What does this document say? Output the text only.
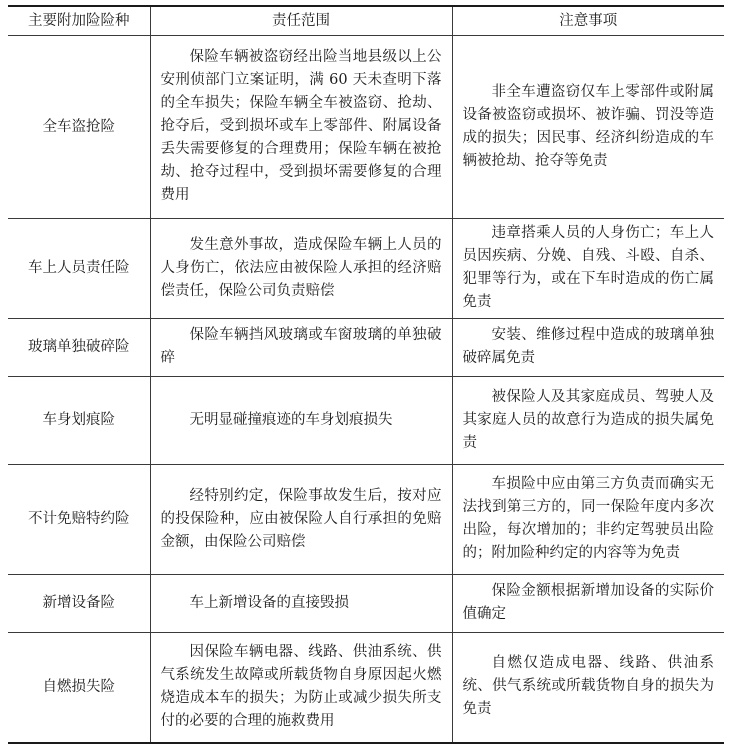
主要附加险险种	责任范围	注意事项
全车盗抢险	保险车辆被盗窃经出险当地县级以上公安刑侦部门立案证明，满 60 天未查明下落的全车损失；保险车辆全车被盗窃、抢劫、抢夺后，受到损坏或车上零部件、附属设备丢失需要修复的合理费用；保险车辆在被抢劫、抢夺过程中，受到损坏需要修复的合理费用	非全车遭盗窃仅车上零部件或附属设备被盗窃或损坏、被诈骗、罚没等造成的损失；因民事、经济纠纷造成的车辆被抢劫、抢夺等免责
车上人员责任险	发生意外事故，造成保险车辆上人员的人身伤亡，依法应由被保险人承担的经济赔偿责任，保险公司负责赔偿	违章搭乘人员的人身伤亡；车上人员因疾病、分娩、自残、斗殴、自杀、犯罪等行为，或在下车时造成的伤亡属免责
玻璃单独破碎险	保险车辆挡风玻璃或车窗玻璃的单独破碎	安装、维修过程中造成的玻璃单独破碎属免责
车身划痕险	无明显碰撞痕迹的车身划痕损失	被保险人及其家庭成员、驾驶人及其家庭人员的故意行为造成的损失属免责
不计免赔特约险	经特别约定，保险事故发生后，按对应的投保险种，应由被保险人自行承担的免赔金额，由保险公司赔偿	车损险中应由第三方负责而确实无法找到第三方的，同一保险年度内多次出险，每次增加的；非约定驾驶员出险的；附加险种约定的内容等为免责
新增设备险	车上新增设备的直接毁损	保险金额根据新增加设备的实际价值确定
自燃损失险	因保险车辆电器、线路、供油系统、供气系统发生故障或所载货物自身原因起火燃烧造成本车的损失；为防止或减少损失所支付的必要的合理的施救费用	自燃仅造成电器、线路、供油系统、供气系统或所载货物自身的损失为免责
